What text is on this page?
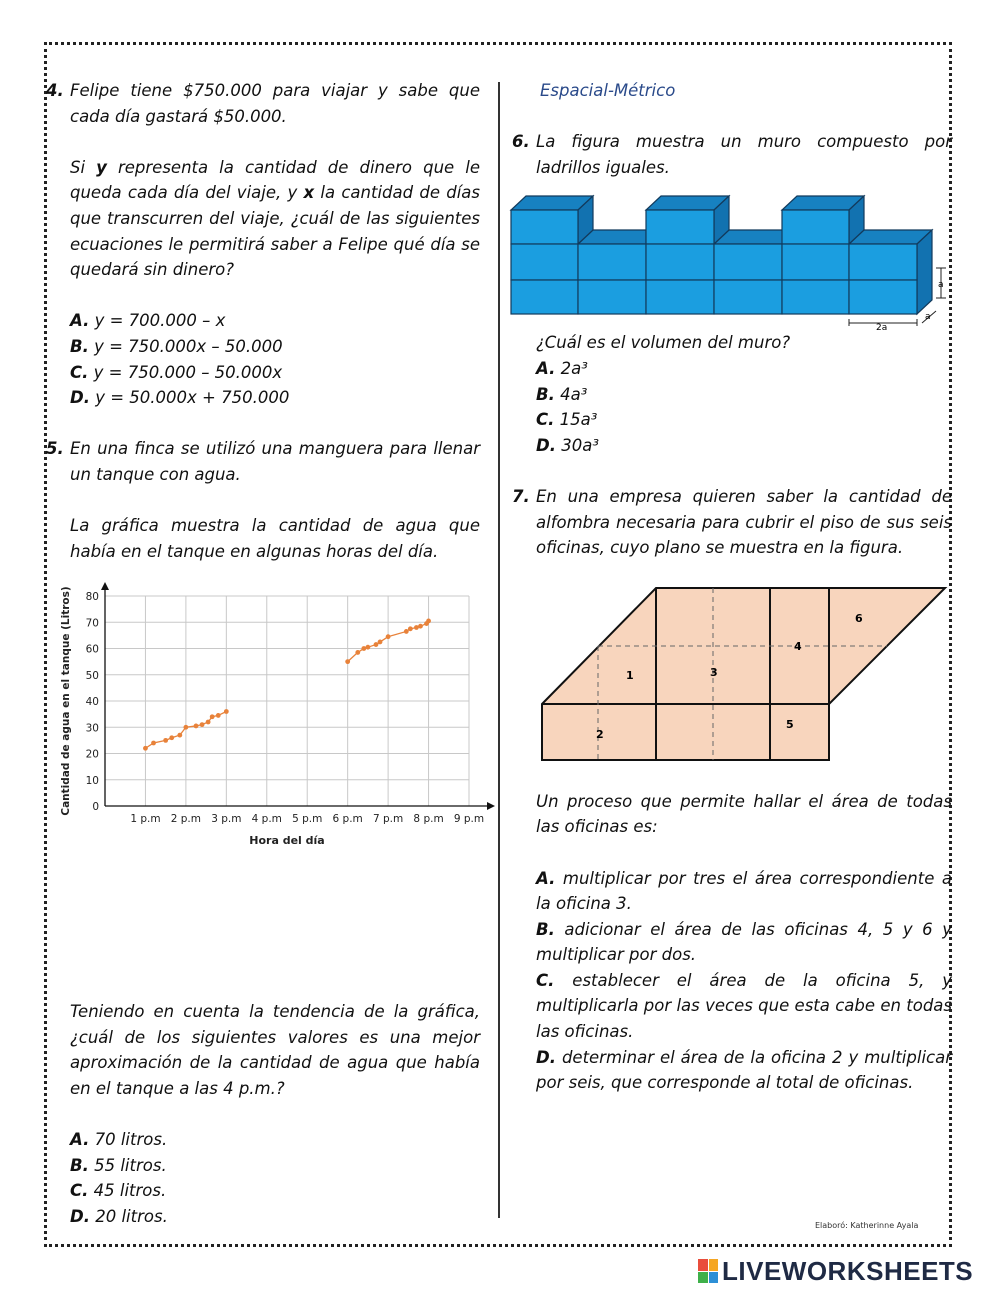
4. Felipe tiene $750.000 para viajar y sabe que cada día gastará $50.000.

Si y representa la cantidad de dinero que le queda cada día del viaje, y x la cantidad de días que transcurren del viaje, ¿cuál de las siguientes ecuaciones le permitirá saber a Felipe qué día se quedará sin dinero?

A. y = 700.000 – x
B. y = 750.000x – 50.000
C. y = 750.000 – 50.000x
D. y = 50.000x + 750.000
5. En una finca se utilizó una manguera para llenar un tanque con agua.

La gráfica muestra la cantidad de agua que había en el tanque en algunas horas del día.

Teniendo en cuenta la tendencia de la gráfica, ¿cuál de los siguientes valores es una mejor aproximación de la cantidad de agua que había en el tanque a las 4 p.m.?

A. 70 litros.
B. 55 litros.
C. 45 litros.
D. 20 litros.
0
10
20
30
40
50
60
70
80
1 p.m 2 p.m 3 p.m 4 p.m 5 p.m 6 p.m 7 p.m 8 p.m 9 p.m
Hora del día
Cantidad de agua en el tanque (Litros)
Espacial-Métrico
6. La figura muestra un muro compuesto por ladrillos iguales.

¿Cuál es el volumen del muro?
A. 2a³
B. 4a³
C. 15a³
D. 30a³
7. En una empresa quieren saber la cantidad de alfombra necesaria para cubrir el piso de sus seis oficinas, cuyo plano se muestra en la figura.

Un proceso que permite hallar el área de todas las oficinas es:

A. multiplicar por tres el área correspondiente a la oficina 3.

B. adicionar el área de las oficinas 4, 5 y 6 y multiplicar por dos.

C. establecer el área de la oficina 5, y multiplicarla por las veces que esta cabe en todas las oficinas.

D. determinar el área de la oficina 2 y multiplicar por seis, que corresponde al total de oficinas.

a
2a
a
1
2
3
4
5
6
Elaboró: Katherinne Ayala
LIVEWORKSHEETS
